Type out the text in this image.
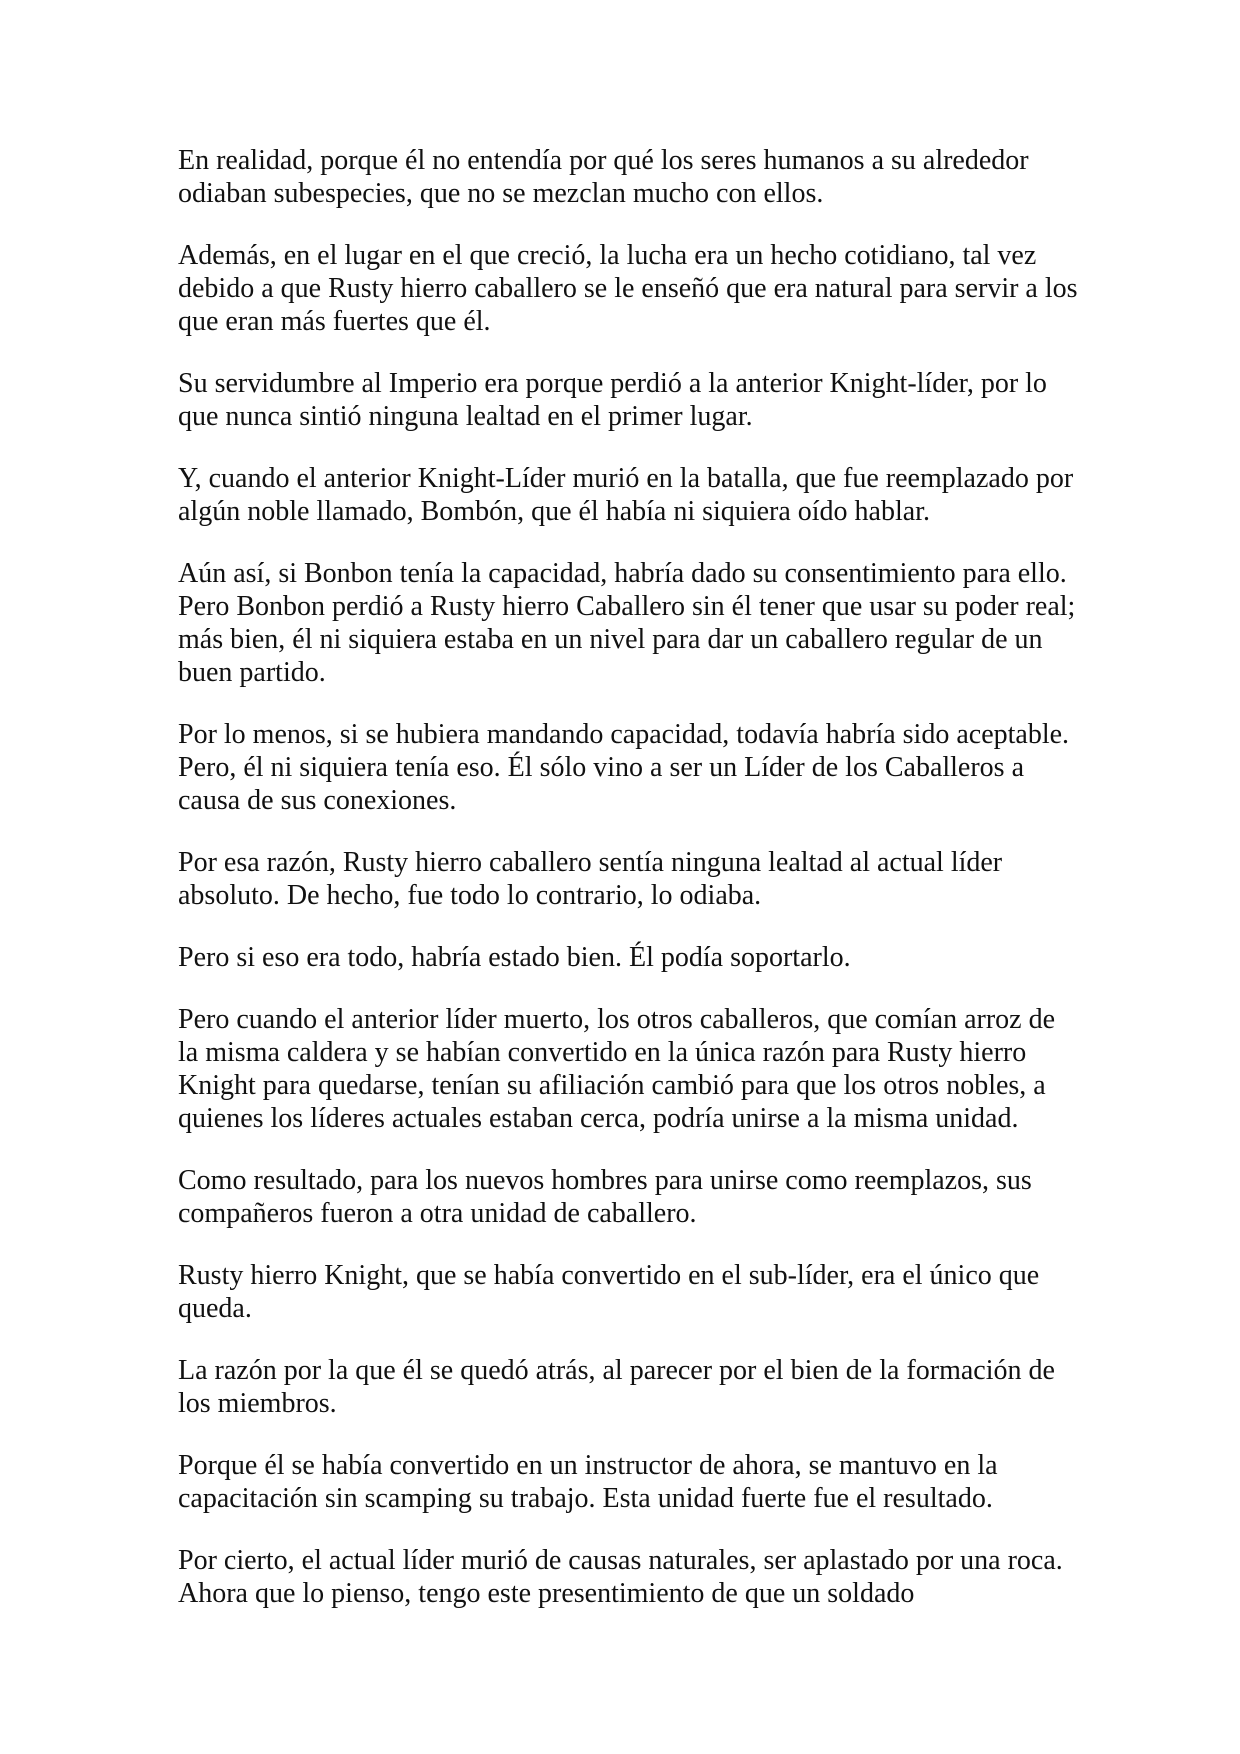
En realidad, porque él no entendía por qué los seres humanos a su alrededor odiaban subespecies, que no se mezclan mucho con ellos.

Además, en el lugar en el que creció, la lucha era un hecho cotidiano, tal vez debido a que Rusty hierro caballero se le enseñó que era natural para servir a los que eran más fuertes que él.

Su servidumbre al Imperio era porque perdió a la anterior Knight-líder, por lo que nunca sintió ninguna lealtad en el primer lugar.

Y, cuando el anterior Knight-Líder murió en la batalla, que fue reemplazado por algún noble llamado, Bombón, que él había ni siquiera oído hablar.

Aún así, si Bonbon tenía la capacidad, habría dado su consentimiento para ello. Pero Bonbon perdió a Rusty hierro Caballero sin él tener que usar su poder real; más bien, él ni siquiera estaba en un nivel para dar un caballero regular de un buen partido.

Por lo menos, si se hubiera mandando capacidad, todavía habría sido aceptable. Pero, él ni siquiera tenía eso. Él sólo vino a ser un Líder de los Caballeros a causa de sus conexiones.

Por esa razón, Rusty hierro caballero sentía ninguna lealtad al actual líder absoluto. De hecho, fue todo lo contrario, lo odiaba.

Pero si eso era todo, habría estado bien. Él podía soportarlo.

Pero cuando el anterior líder muerto, los otros caballeros, que comían arroz de la misma caldera y se habían convertido en la única razón para Rusty hierro Knight para quedarse, tenían su afiliación cambió para que los otros nobles, a quienes los líderes actuales estaban cerca, podría unirse a la misma unidad.

Como resultado, para los nuevos hombres para unirse como reemplazos, sus compañeros fueron a otra unidad de caballero.

Rusty hierro Knight, que se había convertido en el sub-líder, era el único que queda.

La razón por la que él se quedó atrás, al parecer por el bien de la formación de los miembros.

Porque él se había convertido en un instructor de ahora, se mantuvo en la capacitación sin scamping su trabajo. Esta unidad fuerte fue el resultado.

Por cierto, el actual líder murió de causas naturales, ser aplastado por una roca. Ahora que lo pienso, tengo este presentimiento de que un soldado
